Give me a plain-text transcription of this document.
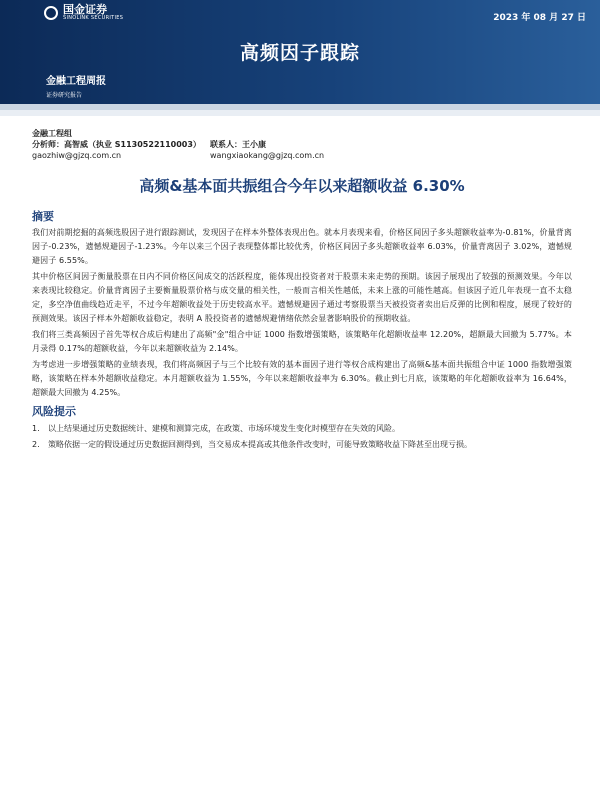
国金证券
SINOLINK SECURITIES	2023 年 08 月 27 日
高频因子跟踪
金融工程周报
证券研究报告
金融工程组
分析师：高智威（执业 S1130522110003）	联系人：王小康
gaozhiw@gjzq.com.cn	wangxiaokang@gjzq.com.cn
高频&基本面共振组合今年以来超额收益 6.30%
摘要

我们对前期挖掘的高频选股因子进行跟踪测试，发现因子在样本外整体表现出色。就本月表现来看，价格区间因子多头超额收益率为-0.81%，价量背离因子-0.23%，遗憾规避因子-1.23%。今年以来三个因子表现整体都比较优秀，价格区间因子多头超额收益率 6.03%，价量背离因子 3.02%，遗憾规避因子 6.55%。

其中价格区间因子衡量股票在日内不同价格区间成交的活跃程度，能体现出投资者对于股票未来走势的预期。该因子展现出了较强的预测效果。今年以来表现比较稳定。价量背离因子主要衡量股票价格与成交量的相关性，一般而言相关性越低，未来上涨的可能性越高。但该因子近几年表现一直不太稳定，多空净值曲线趋近走平，不过今年超额收益处于历史较高水平。遗憾规避因子通过考察股票当天被投资者卖出后反弹的比例和程度，展现了较好的预测效果。该因子样本外超额收益稳定，表明 A 股投资者的遗憾规避情绪依然会显著影响股价的预期收益。

我们将三类高频因子首先等权合成后构建出了高频"金"组合中证 1000 指数增强策略，该策略年化超额收益率 12.20%，超额最大回撤为 5.77%。本月录得 0.17%的超额收益，今年以来超额收益为 2.14%。

为考虑进一步增强策略的业绩表现，我们将高频因子与三个比较有效的基本面因子进行等权合成构建出了高频&基本面共振组合中证 1000 指数增强策略，该策略在样本外超额收益稳定。本月超额收益为 1.55%，今年以来超额收益率为 6.30%。截止到七月底，该策略的年化超额收益率为 16.64%，超额最大回撤为 4.25%。

风险提示
1.	以上结果通过历史数据统计、建模和测算完成，在政策、市场环境发生变化时模型存在失效的风险。
2.	策略依据一定的假设通过历史数据回测得到，当交易成本提高或其他条件改变时，可能导致策略收益下降甚至出现亏损。
